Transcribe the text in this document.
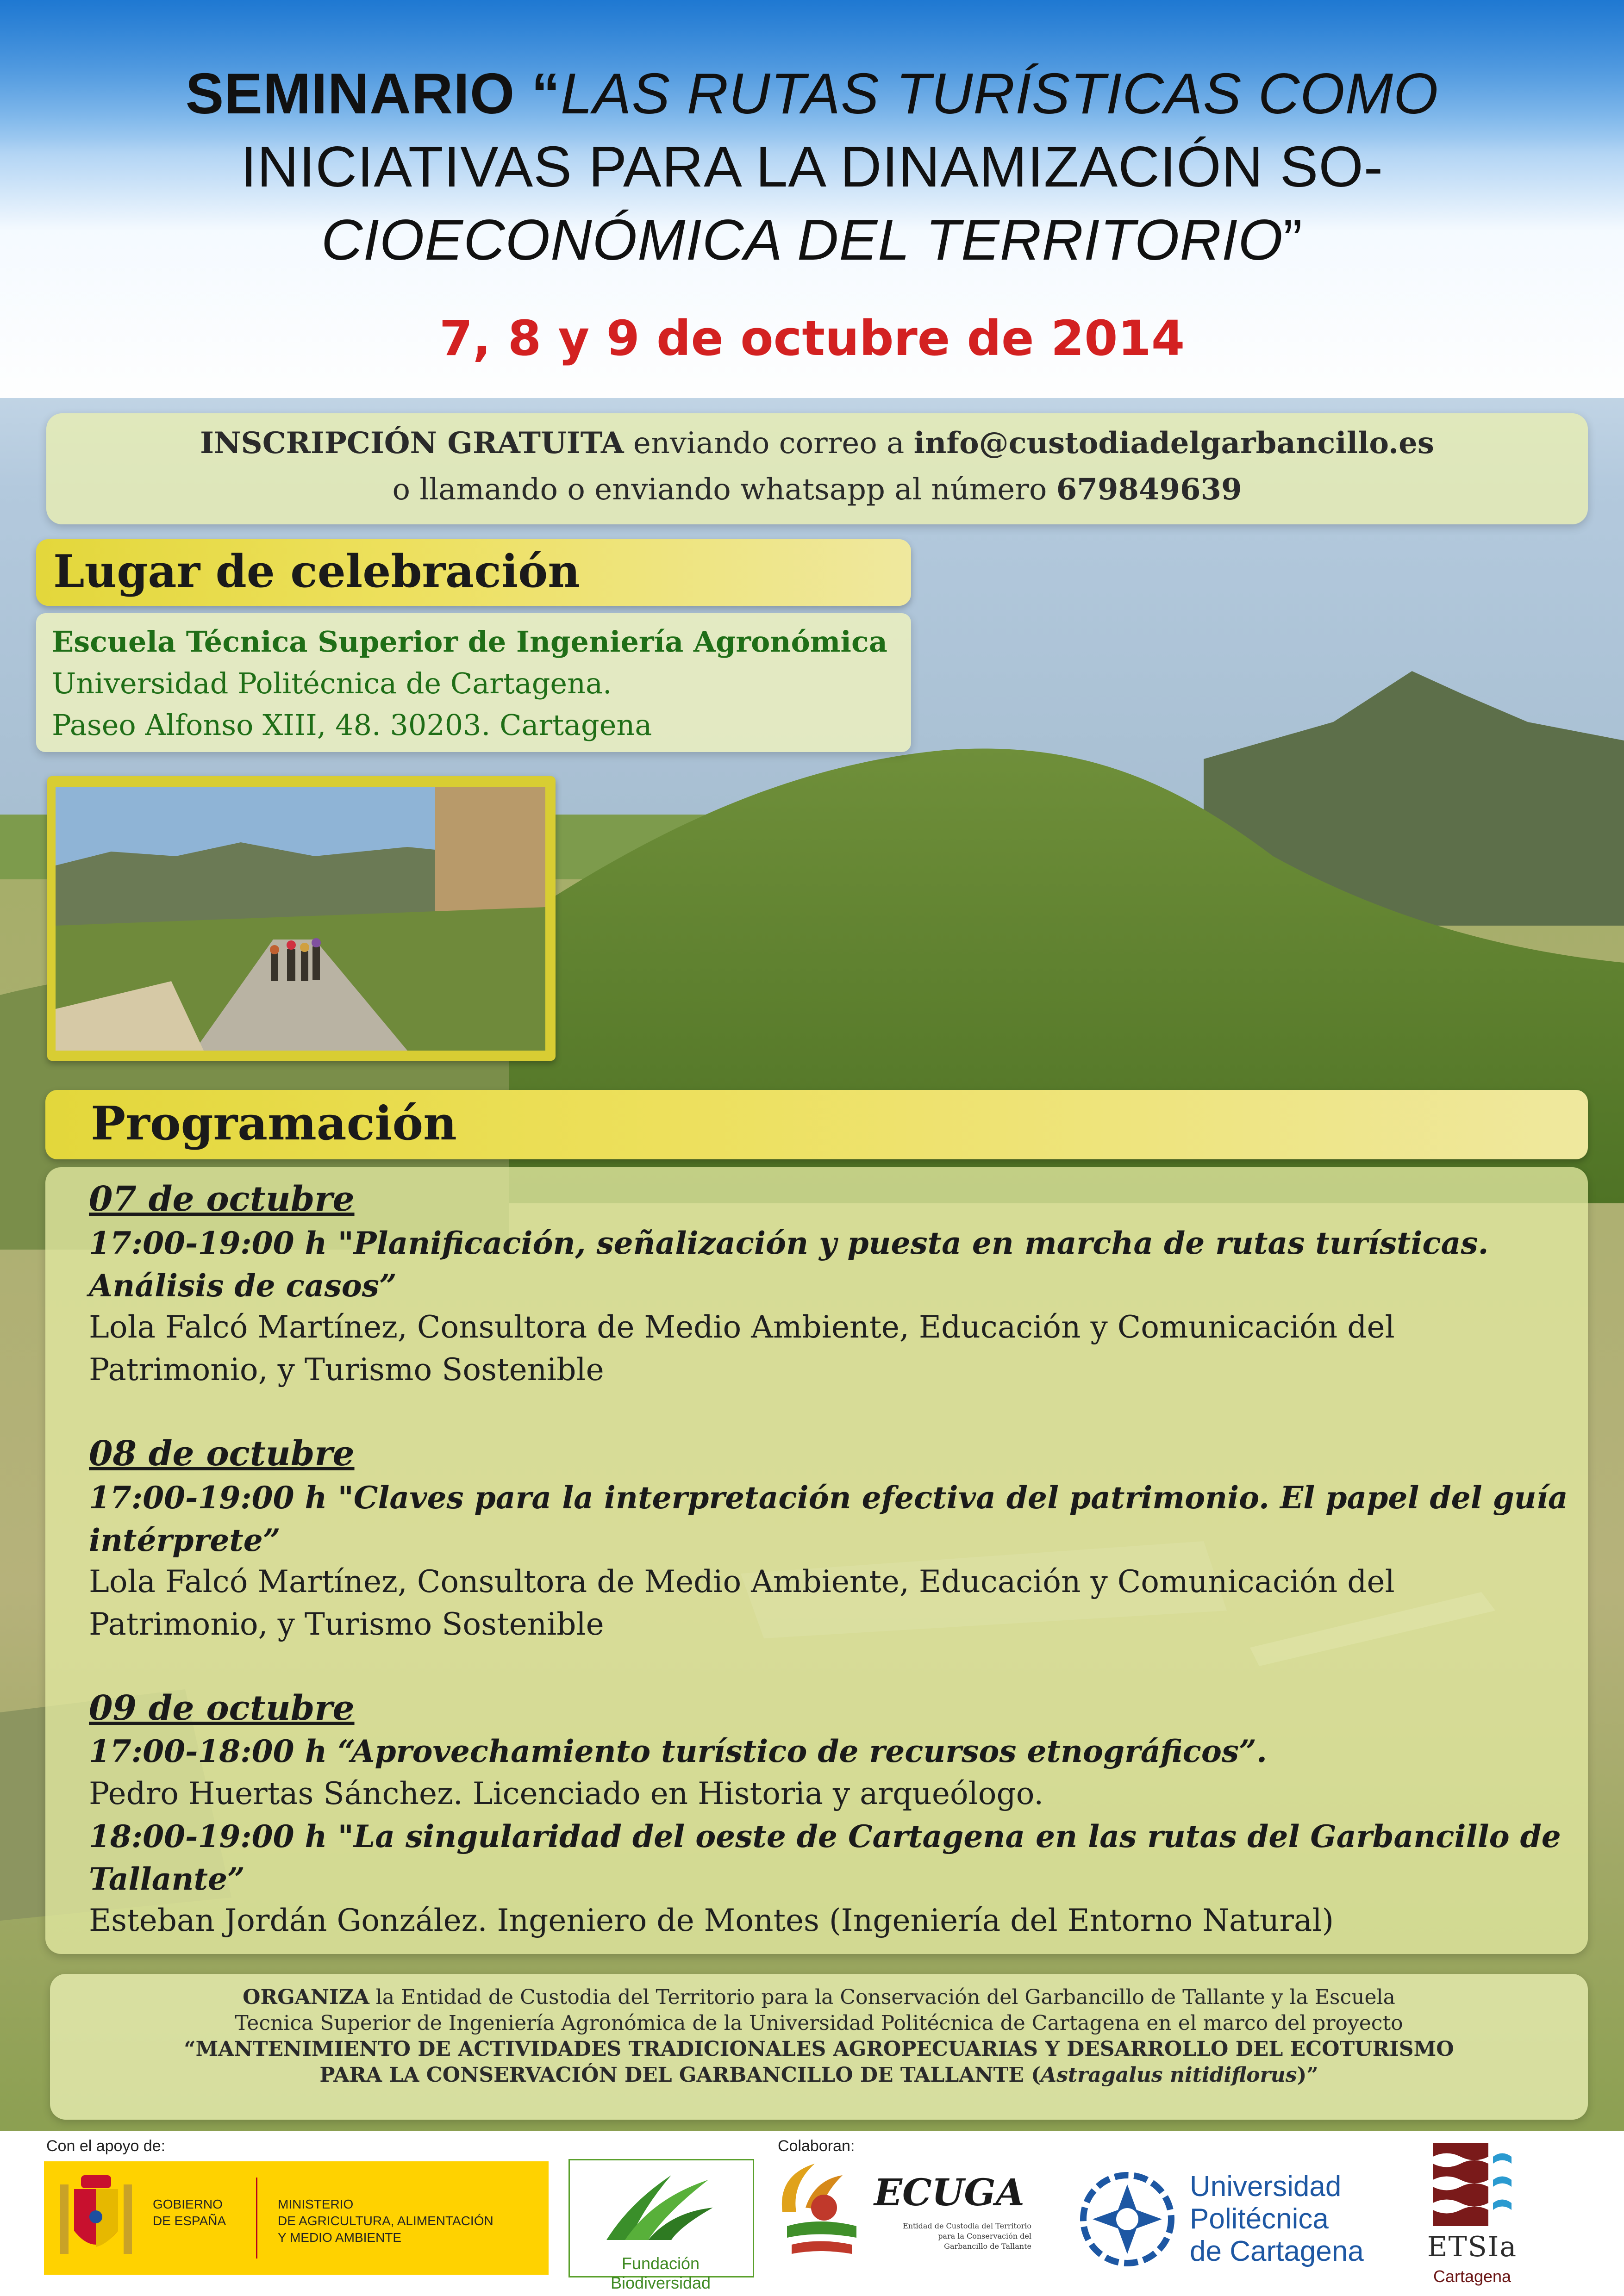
SEMINARIO “LAS RUTAS TURÍSTICAS COMO
INICIATIVAS PARA LA DINAMIZACIÓN SO-
CIOECONÓMICA DEL TERRITORIO”
7, 8 y 9 de octubre de 2014
INSCRIPCIÓN GRATUITA enviando correo a info@custodiadelgarbancillo.es
o llamando o enviando whatsapp al número 679849639
Lugar de celebración
Escuela Técnica Superior de Ingeniería Agronómica
Universidad Politécnica de Cartagena.
Paseo Alfonso XIII, 48. 30203. Cartagena
Programación
07 de octubre
17:00-19:00 h "Planificación, señalización y puesta en marcha de rutas turísticas. Análisis de casos”
Lola Falcó Martínez, Consultora de Medio Ambiente, Educación y Comunicación del Patrimonio, y Turismo Sostenible
08 de octubre
17:00-19:00 h "Claves para la interpretación efectiva del patrimonio. El papel del guía intérprete”
Lola Falcó Martínez, Consultora de Medio Ambiente, Educación y Comunicación del Patrimonio, y Turismo Sostenible
09 de octubre
17:00-18:00 h “Aprovechamiento turístico de recursos etnográficos”.
Pedro Huertas Sánchez. Licenciado en Historia y arqueólogo.
18:00-19:00 h "La singularidad del oeste de Cartagena en las rutas del Garbancillo de Tallante”
Esteban Jordán González. Ingeniero de Montes (Ingeniería del Entorno Natural)
ORGANIZA la Entidad de Custodia del Territorio para la Conservación del Garbancillo de Tallante y la Escuela
Tecnica Superior de Ingeniería Agronómica de la Universidad Politécnica de Cartagena en el marco del proyecto
“MANTENIMIENTO DE ACTIVIDADES TRADICIONALES AGROPECUARIAS Y DESARROLLO DEL ECOTURISMO
PARA LA CONSERVACIÓN DEL GARBANCILLO DE TALLANTE (Astragalus nitidiflorus)”
Con el apoyo de:	Colaboran:
GOBIERNO
DE ESPAÑA
MINISTERIO
DE AGRICULTURA, ALIMENTACIÓN
Y MEDIO AMBIENTE
Fundación Biodiversidad
ECUGA
Entidad de Custodia del Territorio
para la Conservación del
Garbancillo de Tallante
Universidad
Politécnica
de Cartagena ETSIa
Cartagena
